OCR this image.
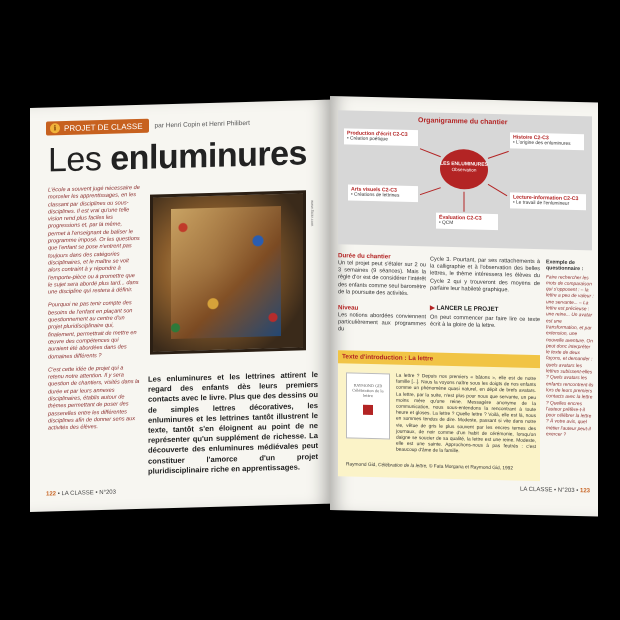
i PROJET DE CLASSE par Henri Copin et Henri Philibert
Les enluminures

L'école a souvent jugé nécessaire de morceler les apprentissages, en les classant par disciplines ou sous-disciplines. Il est vrai qu'une telle vision rend plus faciles les progressions et, par là même, permet à l'enseignant de baliser le programme imposé. Or les questions que l'enfant se pose n'entrent pas toujours dans des catégories disciplinaires, et le maître se voit alors contraint à y répondre à l'emporte-pièce ou à promettre que le sujet sera abordé plus tard... dans une discipline qui restera à définir.

Pourquoi ne pas tenir compte des besoins de l'enfant en plaçant son questionnement au centre d'un projet pluridisciplinaire qui, finalement, permettrait de mettre en œuvre des compétences qui auraient été abordées dans des domaines différents ?

C'est cette idée de projet qui a retenu notre attention. Il y sera question de chantiers, visités dans la durée et par leurs annexes disciplinaires, établis autour de thèmes permettant de poser des passerelles entre les différentes disciplines afin de donner sens aux activités des élèves.

www.flickr.com
Les enluminures et les lettrines attirent le regard des enfants dès leurs premiers contacts avec le livre. Plus que des dessins ou de simples lettres décoratives, les enluminures et les lettrines tantôt illustrent le texte, tantôt s'en éloignent au point de ne représenter qu'un supplément de richesse. La découverte des enluminures médiévales peut constituer l'amorce d'un projet pluridisciplinaire riche en apprentissages.
122 • LA CLASSE • N°203
Organigramme du chantier
Production d'écrit C2-C3
• Création poétique	Histoire C2-C3
• L'origine des enluminures
Arts visuels C2-C3
• Créations de lettrines	Lecture-information C2-C3
• Le travail de l'enlumineur
Évaluation C2-C3
• QCM
LES ENLUMINURES
Observation
Durée du chantier
Un tel projet peut s'étaler sur 2 ou 3 semaines (9 séances). Mais la règle d'or est de considérer l'intérêt des enfants comme seul baromètre de la poursuite des activités.
Niveau
Les notions abordées conviennent particulièrement aux programmes du
Cycle 3. Pourtant, par ses rattachements à la calligraphie et à l'observation des belles lettres, le thème intéressera les élèves du Cycle 2 qui y trouveront des moyens de parfaire leur habileté graphique.
▶ LANCER LE PROJET
On peut commencer par faire lire ce texte écrit à la gloire de la lettre.
Exemple de questionnaire :
Faire rechercher les mots de comparaison qui s'opposent : – la lettre a peu de valeur : une servante... – La lettre est précieuse : une reine... Un avatar est une transformation, et par extension, une nouvelle aventure. On peut donc interpréter le texte de deux façons, et demander : quels avatars les lettres subissent-elles ? Quels avatars les enfants rencontrent-ils lors de leurs premiers contacts avec la lettre ? Quelles encres l'auteur préfère-t-il pour célébrer la lettre ? À votre avis, quel métier l'auteur peut-il exercer ?
Texte d'introduction : La lettre
RAYMOND GID
Célébration de la lettre
La lettre ? Depuis nos premiers « bâtons », elle est de notre famille [...]. Nous la voyons naître sous les doigts de nos enfants comme un phénomène quasi naturel, en dépit de brefs avatars. La lettre, par la suite, n'est plus pour nous que servante, un peu moins mère qu'une reine. Messagère anonyme de la communication, nous sous-entendons la rencontrant à toute heure et gloses. La lettre ? Quelle lettre ? Voilà, elle est là, nous en sommes tendus de dire. Modeste, passant si vite dans notre vie, vêtue de gris le plus souvent par les encres ternes des journaux, de noir comme d'un habit de cérémonie, lorsqu'on daigne se soucier de sa qualité, la lettre est une reine. Modeste, elle est une sainte. Approchons-nous à pas feutrés : c'est beaucoup d'âme de la famille.
Raymond Gid, Célébration de la lettre, © Fata Morgana et Raymond Gid, 1992
LA CLASSE • N°203 • 123
